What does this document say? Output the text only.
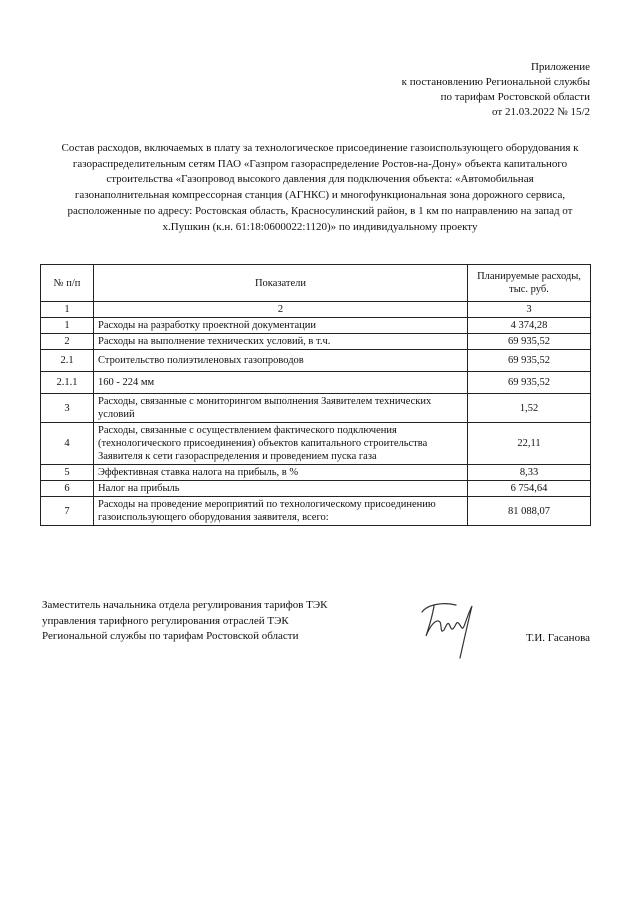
Приложение
к постановлению Региональной службы
по тарифам Ростовской области
от 21.03.2022 № 15/2
Состав расходов, включаемых в плату за технологическое присоединение газоиспользующего оборудования к
газораспределительным сетям ПАО «Газпром газораспределение Ростов-на-Дону» объекта капитального
строительства «Газопровод высокого давления для подключения объекта: «Автомобильная
газонаполнительная компрессорная станция (АГНКС) и многофункциональная зона дорожного сервиса,
расположенные по адресу: Ростовская область, Красносулинский район, в 1 км по направлению на запад от
х.Пушкин (к.н. 61:18:0600022:1120)» по индивидуальному проекту
№ п/п	Показатели	Планируемые расходы, тыс. руб.
1	2	3
1	Расходы на разработку проектной документации	4 374,28
2	Расходы на выполнение технических условий, в т.ч.	69 935,52
2.1	Строительство полиэтиленовых газопроводов	69 935,52
2.1.1	160 - 224 мм	69 935,52
3	Расходы, связанные с мониторингом выполнения Заявителем технических условий	1,52
4	Расходы, связанные с осуществлением фактического подключения (технологического присоединения) объектов капитального строительства Заявителя к сети газораспределения и проведением пуска газа	22,11
5	Эффективная ставка налога на прибыль, в %	8,33
6	Налог на прибыль	6 754,64
7	Расходы на проведение мероприятий по технологическому присоединению газоиспользующего оборудования заявителя, всего:	81 088,07
Заместитель начальника отдела регулирования тарифов ТЭК
управления тарифного регулирования отраслей ТЭК
Региональной службы по тарифам Ростовской области	Т.И. Гасанова
